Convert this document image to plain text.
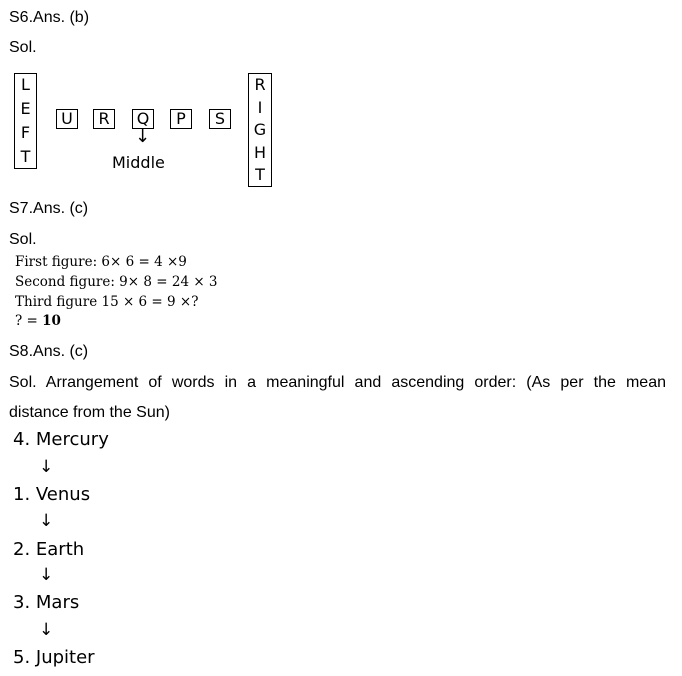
S6.Ans. (b)
Sol.
L
E
F
T
U	R	Q	P	S
↓
Middle
R
I
G
H
T
S7.Ans. (c)
Sol.
First figure: 6× 6 = 4 ×9
Second figure: 9× 8 = 24 × 3
Third figure 15 × 6 = 9 ×?
? = 10
S8.Ans. (c)
Sol. Arrangement of words in a meaningful and ascending order: (As per the mean
distance from the Sun)
4. Mercury
↓
1. Venus
↓
2. Earth
↓
3. Mars
↓
5. Jupiter
